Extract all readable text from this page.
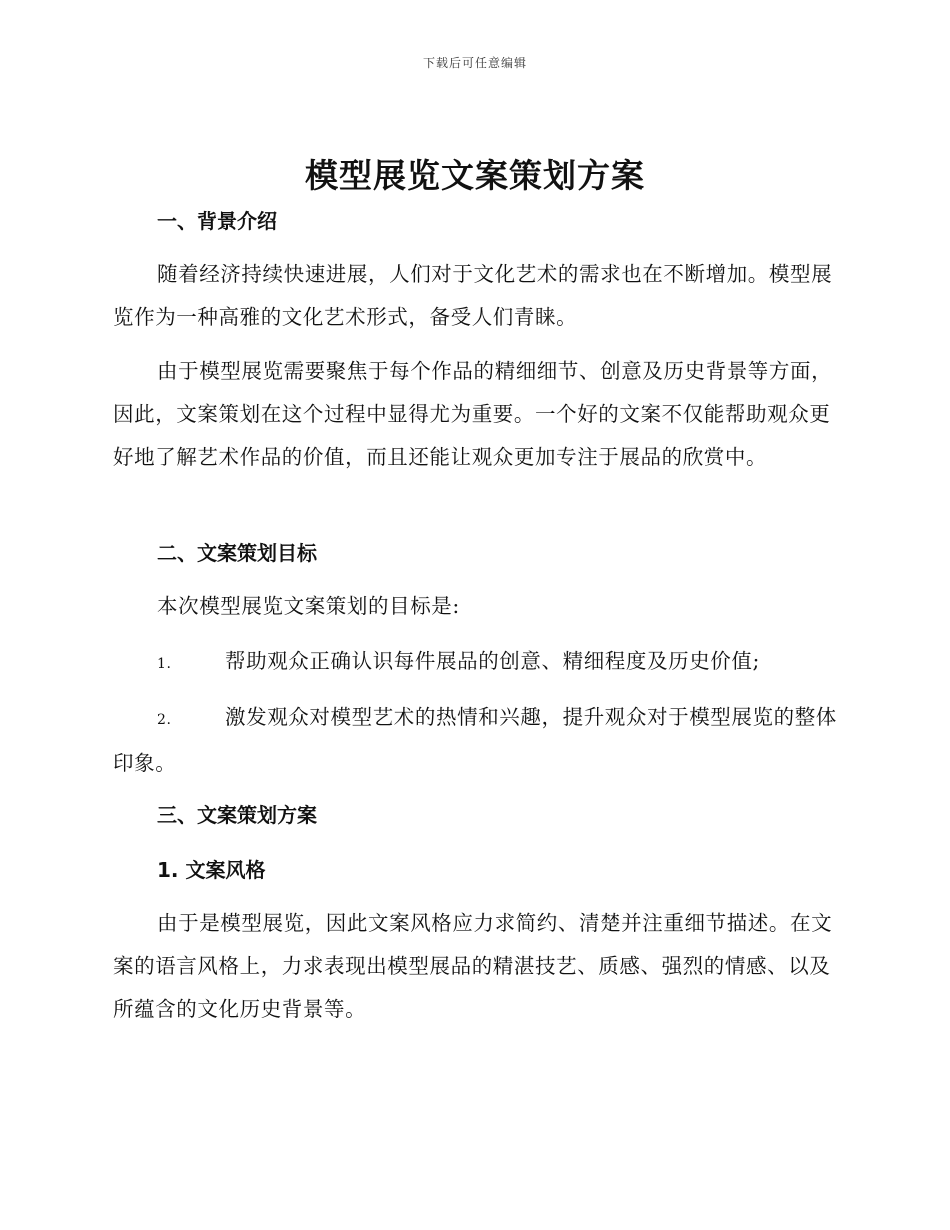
下载后可任意编辑
模型展览文案策划方案
一、背景介绍

随着经济持续快速进展，人们对于文化艺术的需求也在不断增加。模型展览作为一种高雅的文化艺术形式，备受人们青睐。

由于模型展览需要聚焦于每个作品的精细细节、创意及历史背景等方面，因此，文案策划在这个过程中显得尤为重要。一个好的文案不仅能帮助观众更好地了解艺术作品的价值，而且还能让观众更加专注于展品的欣赏中。

二、文案策划目标

本次模型展览文案策划的目标是:

1.	帮助观众正确认识每件展品的创意、精细程度及历史价值;

2.	激发观众对模型艺术的热情和兴趣，提升观众对于模型展览的整体印象。

三、文案策划方案
1. 文案风格

由于是模型展览，因此文案风格应力求简约、清楚并注重细节描述。在文案的语言风格上，力求表现出模型展品的精湛技艺、质感、强烈的情感、以及所蕴含的文化历史背景等。
